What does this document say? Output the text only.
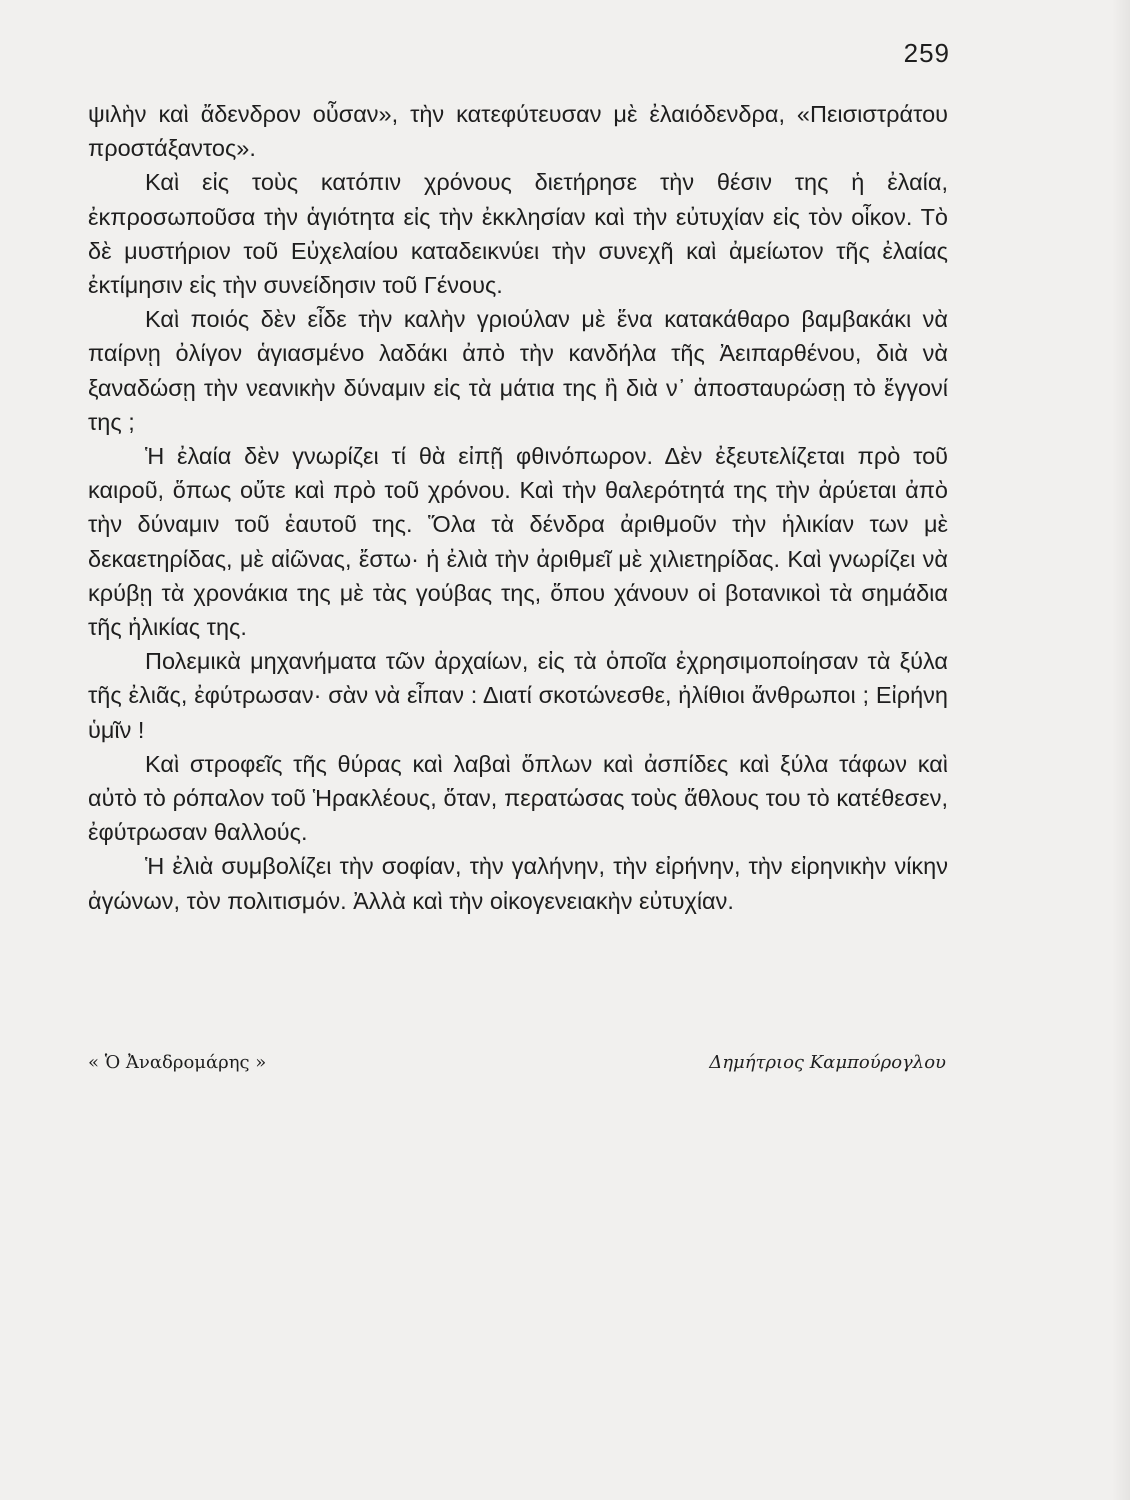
259

ψιλὴν καὶ ἄδενδρον οὖσαν», τὴν κατεφύτευσαν μὲ ἐλαιόδενδρα, «Πεισιστράτου προστάξαντος».

Καὶ εἰς τοὺς κατόπιν χρόνους διετήρησε τὴν θέσιν της ἡ ἐλαία, ἐκπροσωποῦσα τὴν ἁγιότητα εἰς τὴν ἐκκλησίαν καὶ τὴν εὐτυχίαν εἰς τὸν οἶκον. Τὸ δὲ μυστήριον τοῦ Εὐχελαίου καταδεικνύει τὴν συνεχῆ καὶ ἀμείωτον τῆς ἐλαίας ἐκτίμησιν εἰς τὴν συνείδησιν τοῦ Γένους.

Καὶ ποιός δὲν εἶδε τὴν καλὴν γριούλαν μὲ ἕνα κατακάθαρο βαμβακάκι νὰ παίρνῃ ὀλίγον ἁγιασμένο λαδάκι ἀπὸ τὴν κανδήλα τῆς Ἀειπαρθένου, διὰ νὰ ξαναδώσῃ τὴν νεανικὴν δύναμιν εἰς τὰ μάτια της ἢ διὰ ν᾽ ἀποσταυρώσῃ τὸ ἔγγονί της ;

Ἡ ἐλαία δὲν γνωρίζει τί θὰ εἰπῇ φθινόπωρον. Δὲν ἐξευτελίζεται πρὸ τοῦ καιροῦ, ὅπως οὔτε καὶ πρὸ τοῦ χρόνου. Καὶ τὴν θαλερότητά της τὴν ἀρύεται ἀπὸ τὴν δύναμιν τοῦ ἑαυτοῦ της. Ὅλα τὰ δένδρα ἀριθμοῦν τὴν ἡλικίαν των μὲ δεκαετηρίδας, μὲ αἰῶνας, ἔστω· ἡ ἐλιὰ τὴν ἀριθμεῖ μὲ χιλιετηρίδας. Καὶ γνωρίζει νὰ κρύβῃ τὰ χρονάκια της μὲ τὰς γούβας της, ὅπου χάνουν οἱ βοτανικοὶ τὰ σημάδια τῆς ἡλικίας της.

Πολεμικὰ μηχανήματα τῶν ἀρχαίων, εἰς τὰ ὁποῖα ἐχρησιμοποίησαν τὰ ξύλα τῆς ἐλιᾶς, ἐφύτρωσαν· σὰν νὰ εἶπαν : Διατί σκοτώνεσθε, ἠλίθιοι ἄνθρωποι ; Εἰρήνη ὑμῖν !

Καὶ στροφεῖς τῆς θύρας καὶ λαβαὶ ὅπλων καὶ ἀσπίδες καὶ ξύλα τάφων καὶ αὐτὸ τὸ ρόπαλον τοῦ Ἡρακλέους, ὅταν, περατώσας τοὺς ἄθλους του τὸ κατέθεσεν, ἐφύτρωσαν θαλλούς.

Ἡ ἐλιὰ συμβολίζει τὴν σοφίαν, τὴν γαλήνην, τὴν εἰρήνην, τὴν εἰρηνικὴν νίκην ἀγώνων, τὸν πολιτισμόν. Ἀλλὰ καὶ τὴν οἰκογενειακὴν εὐτυχίαν.

« Ὁ Ἀναδρομάρης »	Δημήτριος Καμπούρογλου
